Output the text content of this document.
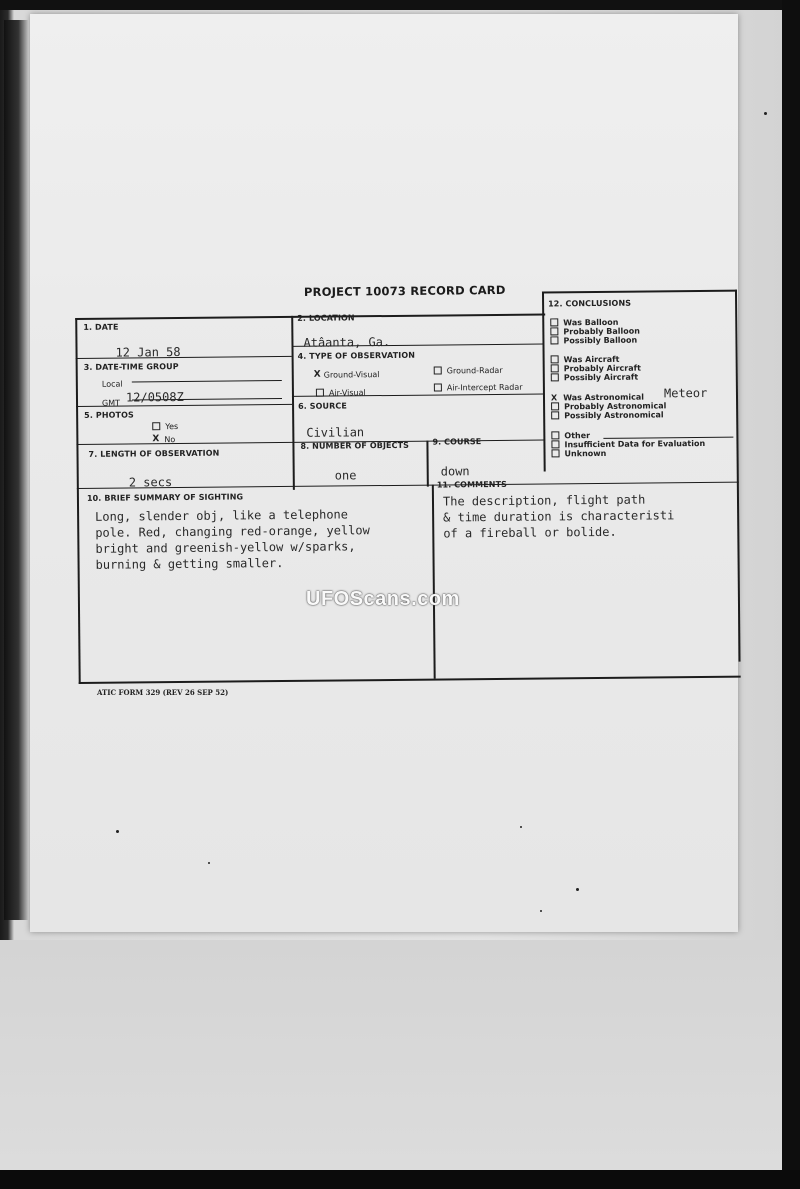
PROJECT 10073 RECORD CARD
1. DATE
12 Jan 58
2. LOCATION
Atâanta, Ga.
3. DATE-TIME GROUP
Local
GMT 12/0508Z
4. TYPE OF OBSERVATION
X Ground-Visual	Ground-Radar
Air-Visual
Air-Intercept Radar
5. PHOTOS
Yes
X No
6. SOURCE
Civilian
7. LENGTH OF OBSERVATION
2 secs
8. NUMBER OF OBJECTS
one
9. COURSE
down
10. BRIEF SUMMARY OF SIGHTING
Long, slender obj, like a telephone
pole. Red, changing red-orange, yellow
bright and greenish-yellow w/sparks,
burning & getting smaller.
11. COMMENTS
The description, flight path
& time duration is characteristi
of a fireball or bolide.
12. CONCLUSIONS
Was Balloon
Probably Balloon
Possibly Balloon
Was Aircraft
Probably Aircraft
Possibly Aircraft
X Was Astronomical Meteor
Probably Astronomical
Possibly Astronomical
Other
Insufficient Data for Evaluation
Unknown
ATIC FORM 329 (REV 26 SEP 52)
UFOScans.com
